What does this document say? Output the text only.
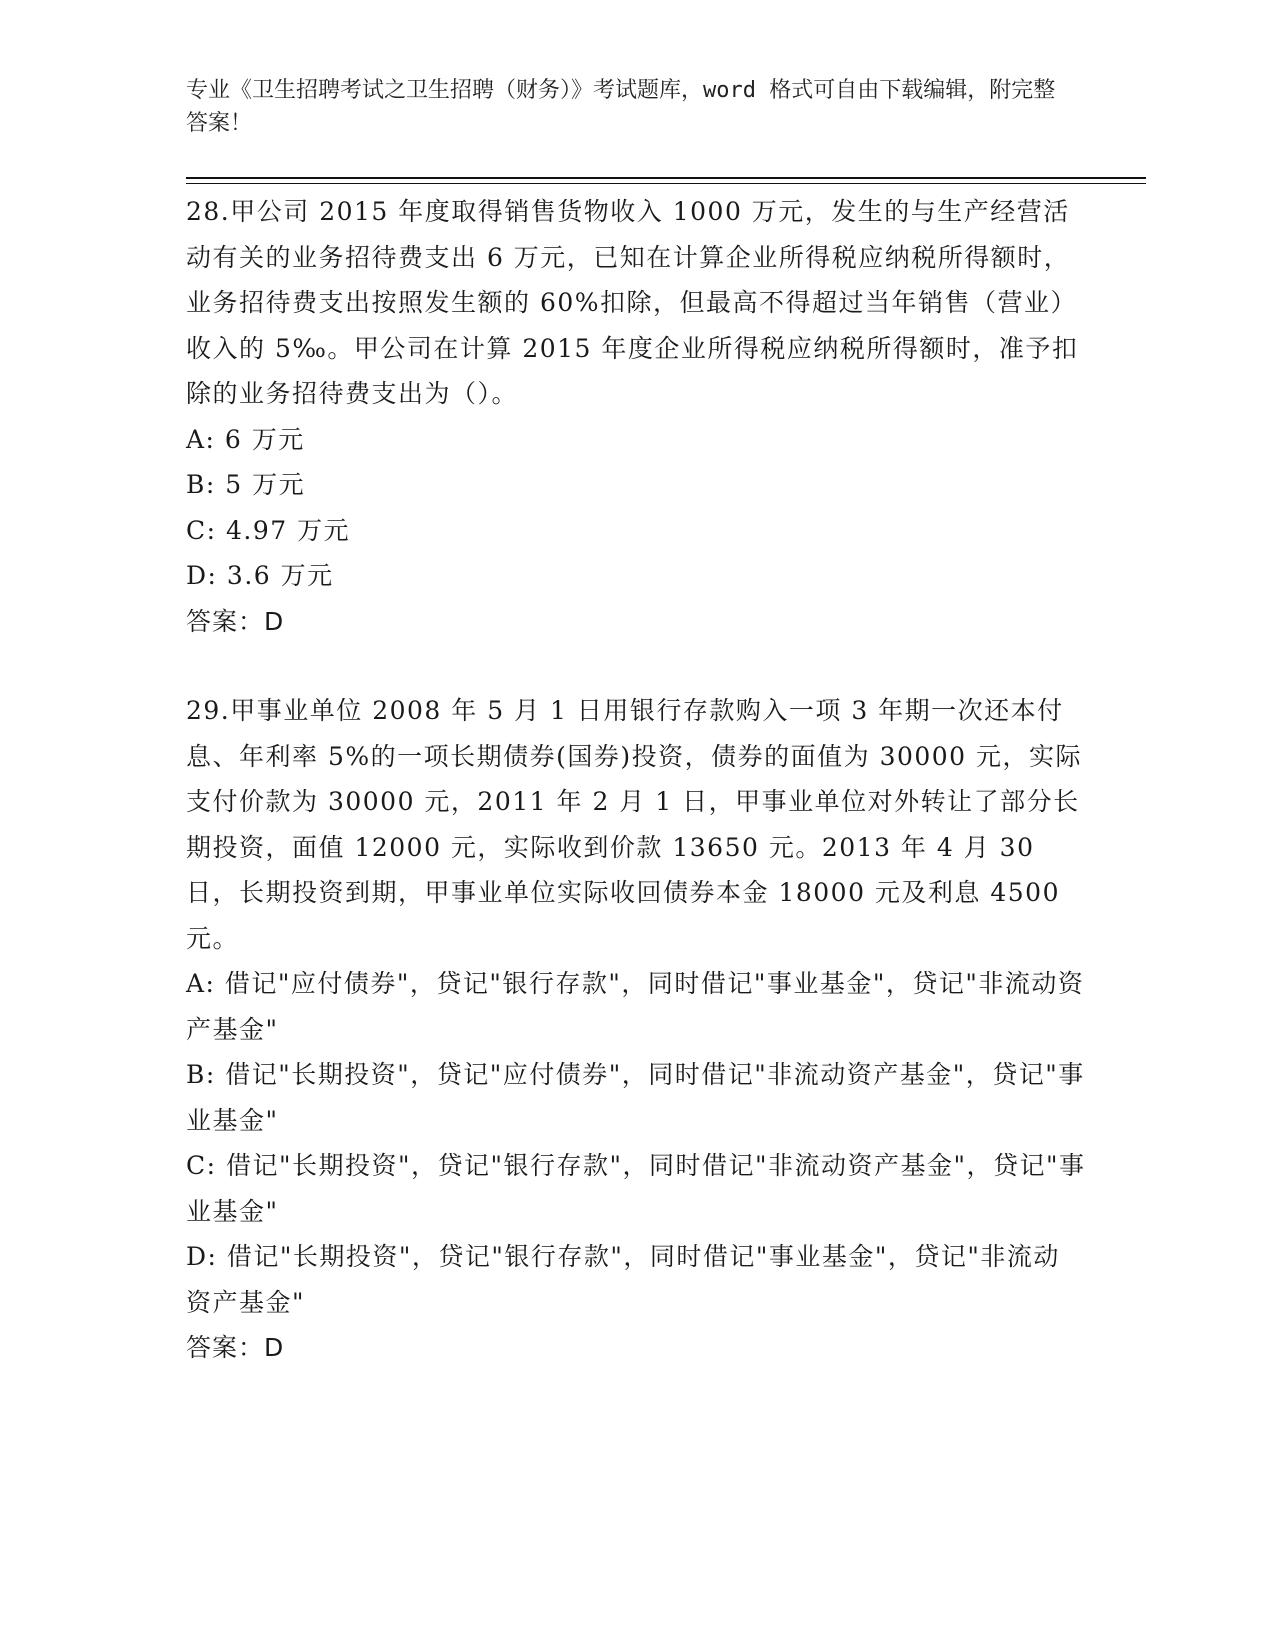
专业《卫生招聘考试之卫生招聘（财务）》考试题库，word 格式可自由下载编辑，附完整答案！

28.甲公司 2015 年度取得销售货物收入 1000 万元，发生的与生产经营活动有关的业务招待费支出 6 万元，已知在计算企业所得税应纳税所得额时，业务招待费支出按照发生额的 60%扣除，但最高不得超过当年销售（营业）收入的 5‰。甲公司在计算 2015 年度企业所得税应纳税所得额时，准予扣除的业务招待费支出为（）。

A: 6 万元

B: 5 万元

C: 4.97 万元

D: 3.6 万元

答案：D

29.甲事业单位 2008 年 5 月 1 日用银行存款购入一项 3 年期一次还本付息、年利率 5%的一项长期债券(国券)投资，债券的面值为 30000 元，实际支付价款为 30000 元，2011 年 2 月 1 日，甲事业单位对外转让了部分长期投资，面值 12000 元，实际收到价款 13650 元。2013 年 4 月 30 日，长期投资到期，甲事业单位实际收回债券本金 18000 元及利息 4500 元。

A: 借记"应付债券"，贷记"银行存款"，同时借记"事业基金"，贷记"非流动资产基金"

B: 借记"长期投资"，贷记"应付债券"，同时借记"非流动资产基金"，贷记"事业基金"

C: 借记"长期投资"，贷记"银行存款"，同时借记"非流动资产基金"，贷记"事业基金"

D: 借记"长期投资"，贷记"银行存款"，同时借记"事业基金"，贷记"非流动资产基金"

答案：D
